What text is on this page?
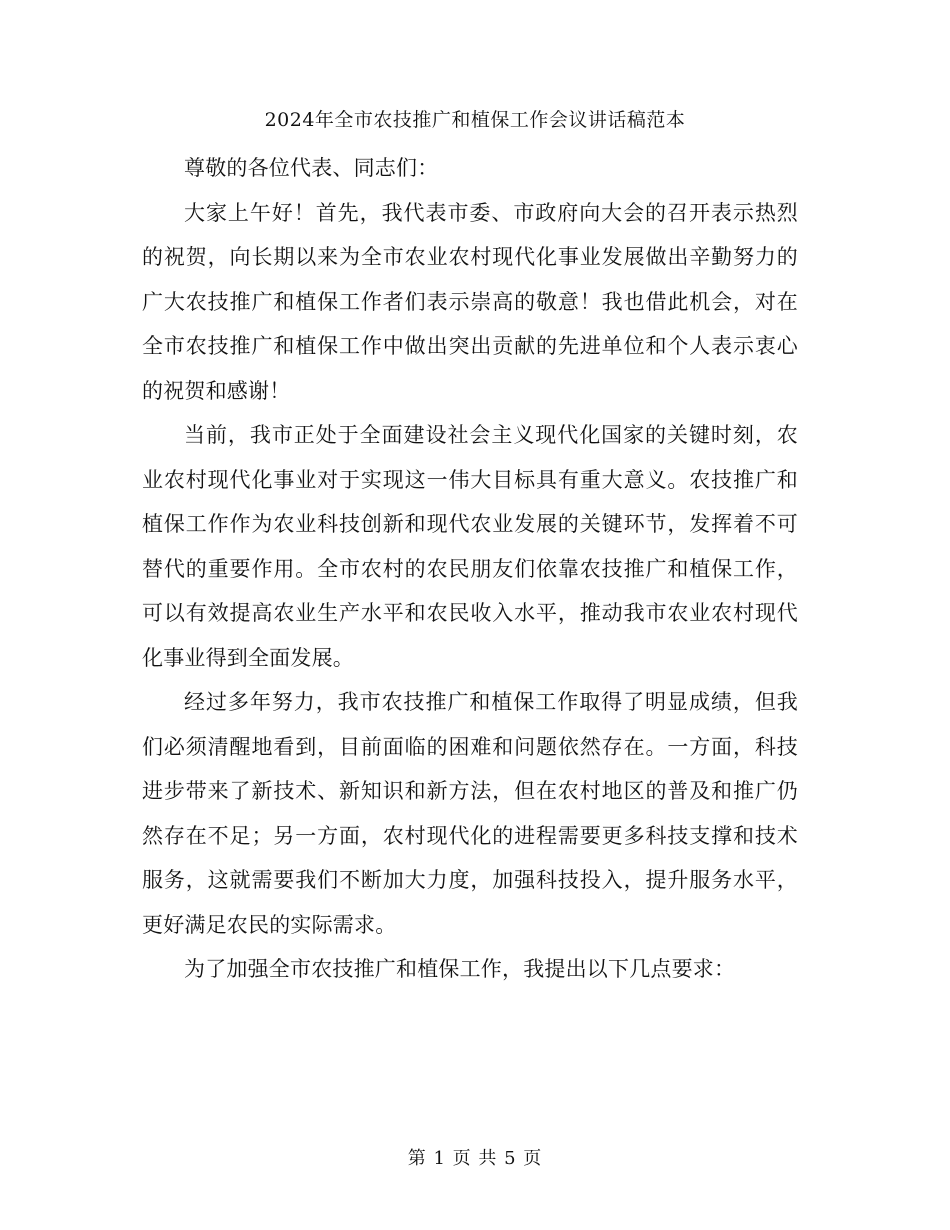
2024年全市农技推广和植保工作会议讲话稿范本

尊敬的各位代表、同志们：

大家上午好！首先，我代表市委、市政府向大会的召开表示热烈的祝贺，向长期以来为全市农业农村现代化事业发展做出辛勤努力的广大农技推广和植保工作者们表示崇高的敬意！我也借此机会，对在全市农技推广和植保工作中做出突出贡献的先进单位和个人表示衷心的祝贺和感谢！

当前，我市正处于全面建设社会主义现代化国家的关键时刻，农业农村现代化事业对于实现这一伟大目标具有重大意义。农技推广和植保工作作为农业科技创新和现代农业发展的关键环节，发挥着不可替代的重要作用。全市农村的农民朋友们依靠农技推广和植保工作，可以有效提高农业生产水平和农民收入水平，推动我市农业农村现代化事业得到全面发展。

经过多年努力，我市农技推广和植保工作取得了明显成绩，但我们必须清醒地看到，目前面临的困难和问题依然存在。一方面，科技进步带来了新技术、新知识和新方法，但在农村地区的普及和推广仍然存在不足；另一方面，农村现代化的进程需要更多科技支撑和技术服务，这就需要我们不断加大力度，加强科技投入，提升服务水平，更好满足农民的实际需求。

为了加强全市农技推广和植保工作，我提出以下几点要求：

第 1 页 共 5 页
